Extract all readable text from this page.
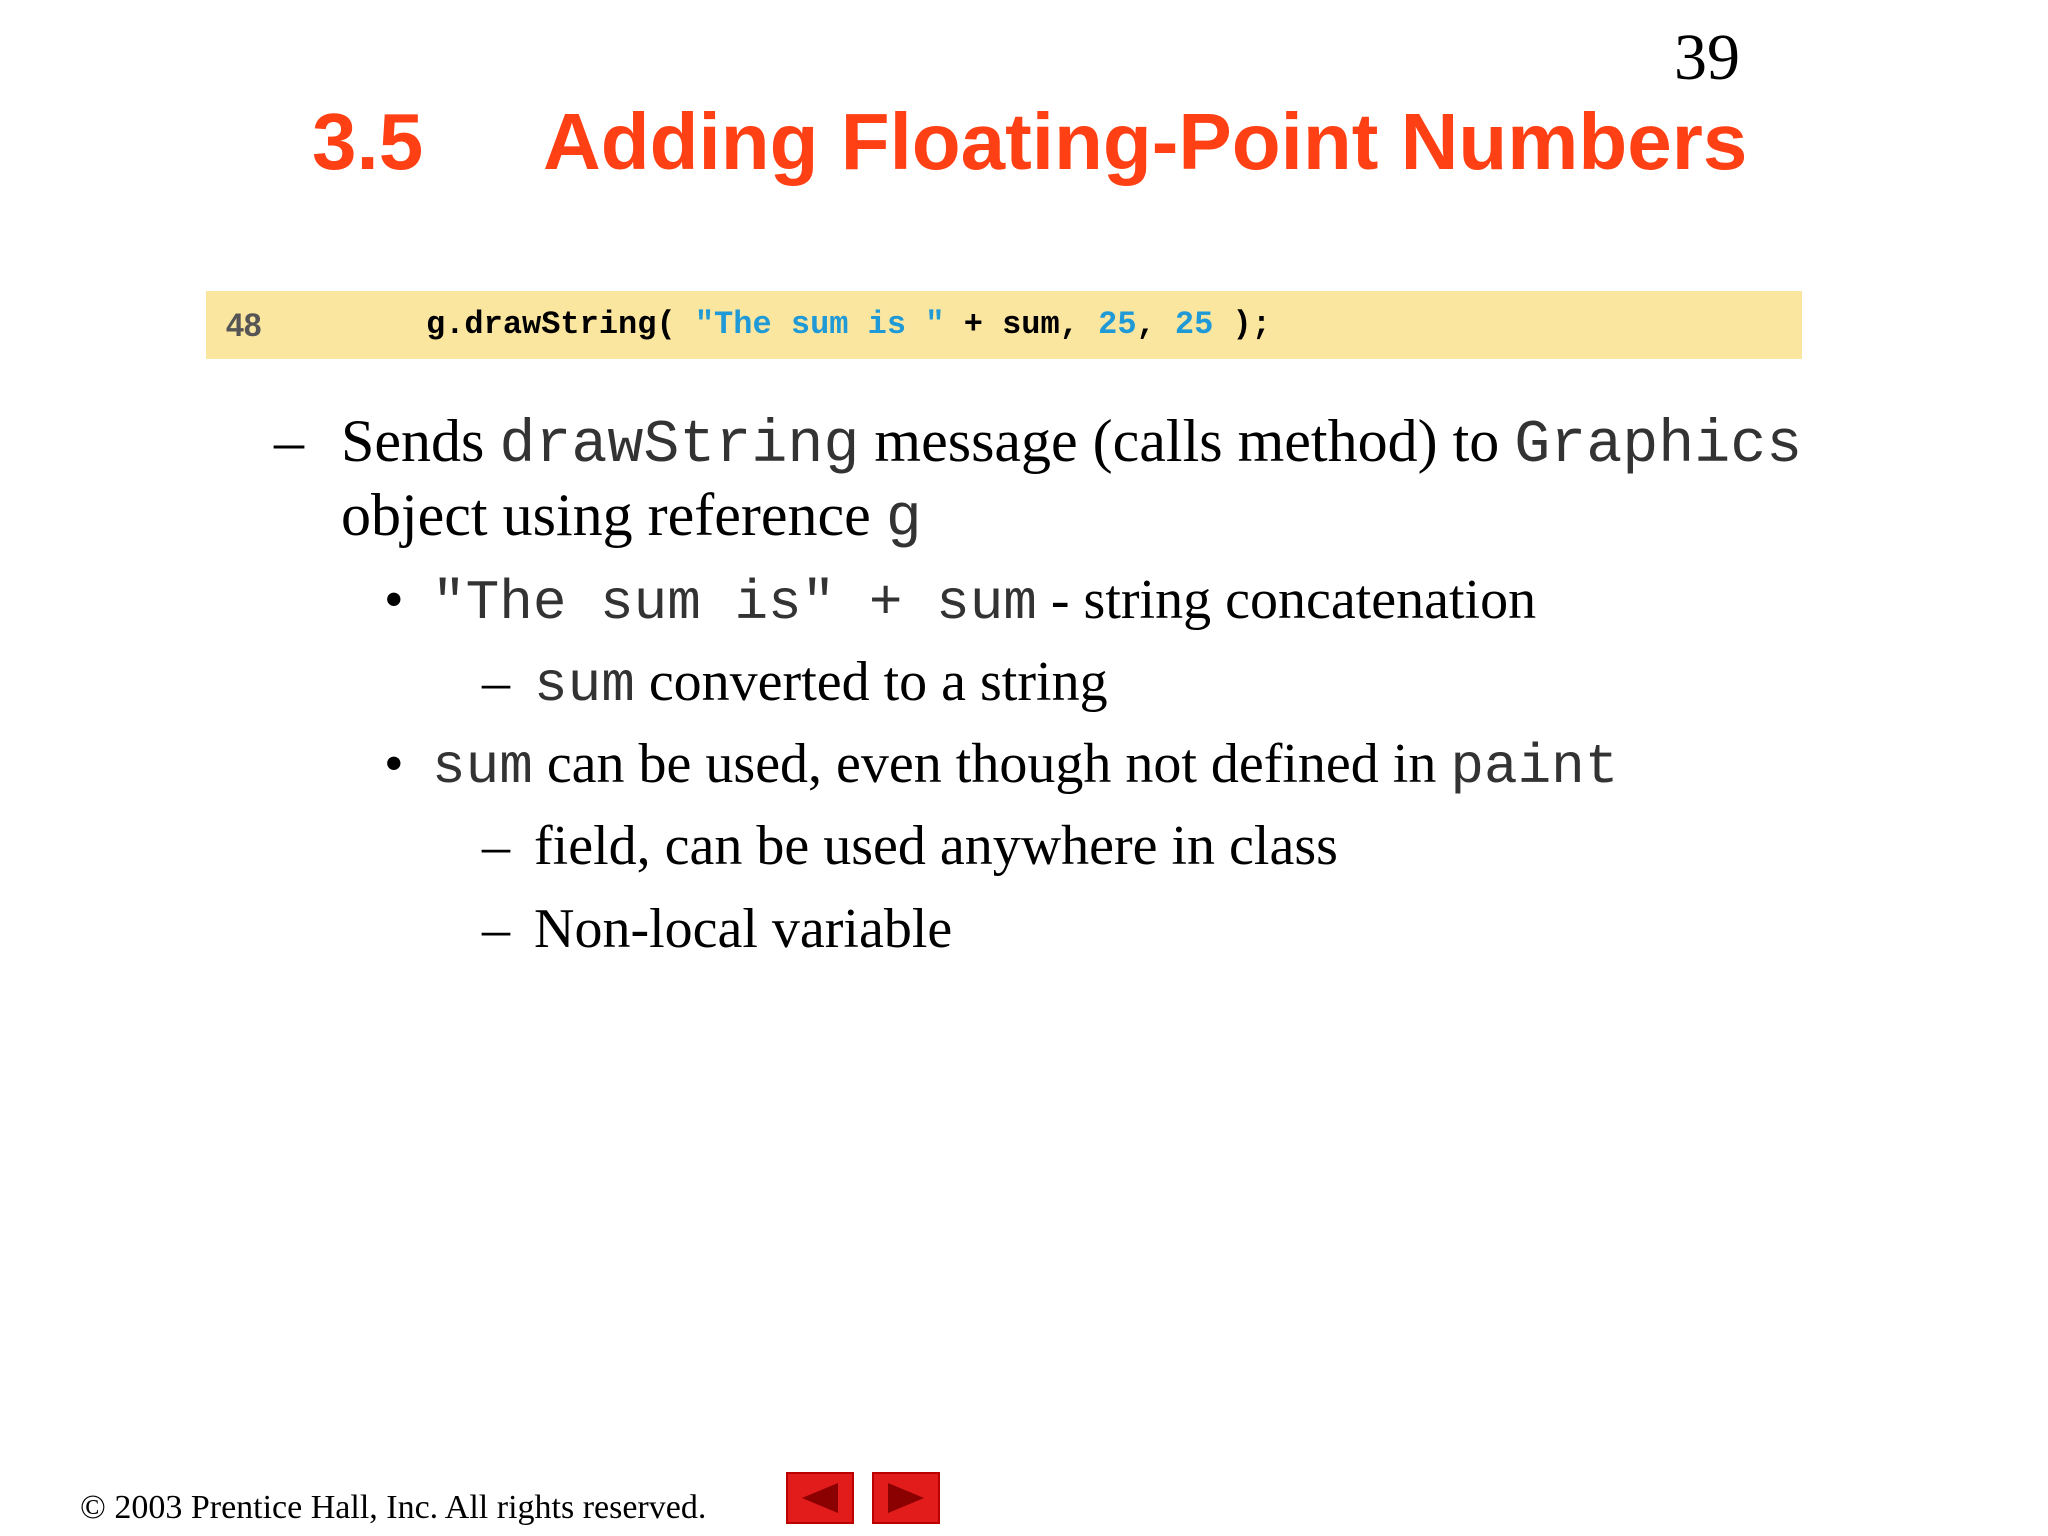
39
3.5 Adding Floating-Point Numbers
48	g.drawString( "The sum is " + sum, 25, 25 );
– Sends drawString message (calls method) to Graphics
object using reference g
• "The sum is" + sum - string concatenation
– sum converted to a string
• sum can be used, even though not defined in paint
– field, can be used anywhere in class
– Non-local variable
© 2003 Prentice Hall, Inc. All rights reserved.
